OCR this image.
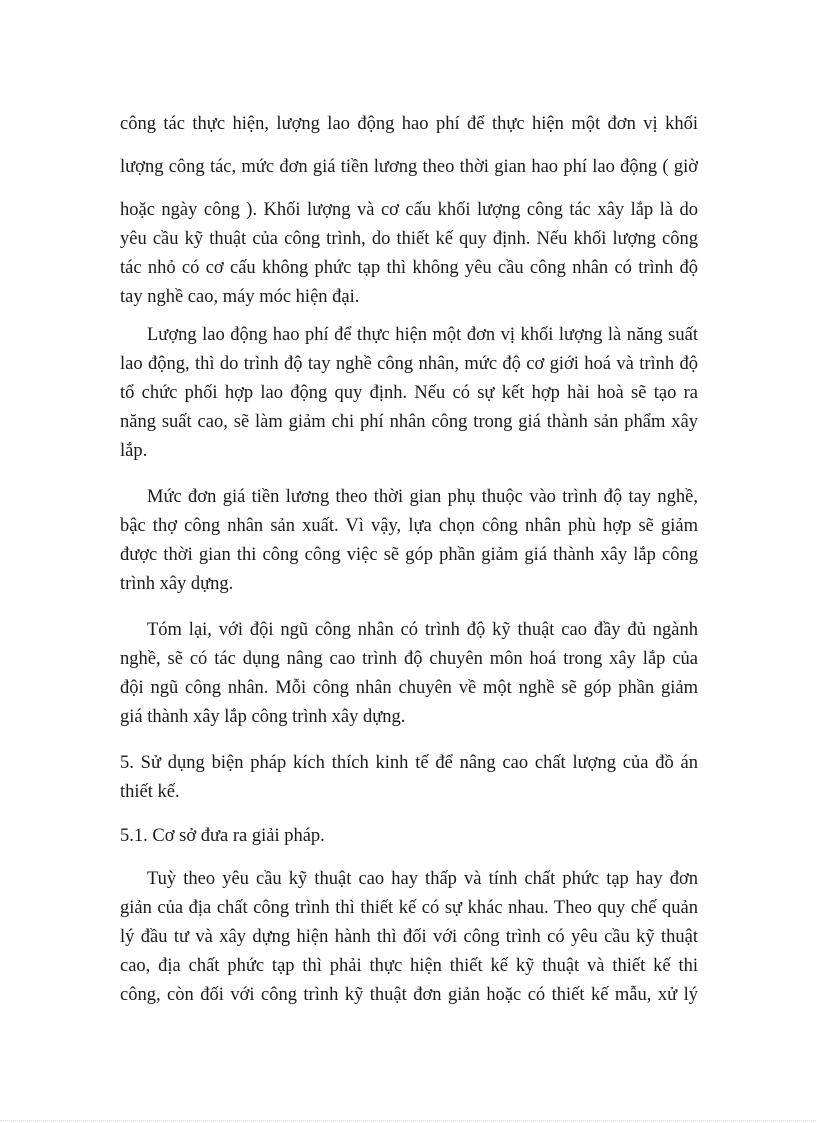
công tác thực hiện, lượng lao động hao phí để thực hiện một đơn vị khối

lượng công tác, mức đơn giá tiền lương theo thời gian hao phí lao động ( giờ

hoặc ngày công ). Khối lượng và cơ cấu khối lượng công tác xây lắp là do

yêu cầu kỹ thuật của công trình, do thiết kế quy định. Nếu khối lượng công

tác nhỏ có cơ cấu không phức tạp thì không yêu cầu công nhân có trình độ

tay nghề cao, máy móc hiện đại.

Lượng lao động hao phí để thực hiện một đơn vị khối lượng là năng suất

lao động, thì do trình độ tay nghề công nhân, mức độ cơ giới hoá và trình độ

tổ chức phối hợp lao động quy định. Nếu có sự kết hợp hài hoà sẽ tạo ra

năng suất cao, sẽ làm giảm chi phí nhân công trong giá thành sản phẩm xây

lắp.

Mức đơn giá tiền lương theo thời gian phụ thuộc vào trình độ tay nghề,

bậc thợ công nhân sản xuất. Vì vậy, lựa chọn công nhân phù hợp sẽ giảm

được thời gian thi công công việc sẽ góp phần giảm giá thành xây lắp công

trình xây dựng.

Tóm lại, với đội ngũ công nhân có trình độ kỹ thuật cao đầy đủ ngành

nghề, sẽ có tác dụng nâng cao trình độ chuyên môn hoá trong xây lắp của

đội ngũ công nhân. Mỗi công nhân chuyên về một nghề sẽ góp phần giảm

giá thành xây lắp công trình xây dựng.

5. Sử dụng biện pháp kích thích kinh tế để nâng cao chất lượng của đồ án

thiết kế.

5.1. Cơ sở đưa ra giải pháp.

Tuỳ theo yêu cầu kỹ thuật cao hay thấp và tính chất phức tạp hay đơn

giản của địa chất công trình thì thiết kế có sự khác nhau. Theo quy chế quản

lý đầu tư và xây dựng hiện hành thì đối với công trình có yêu cầu kỹ thuật

cao, địa chất phức tạp thì phải thực hiện thiết kế kỹ thuật và thiết kế thi

công, còn đối với công trình kỹ thuật đơn giản hoặc có thiết kế mẫu, xử lý
